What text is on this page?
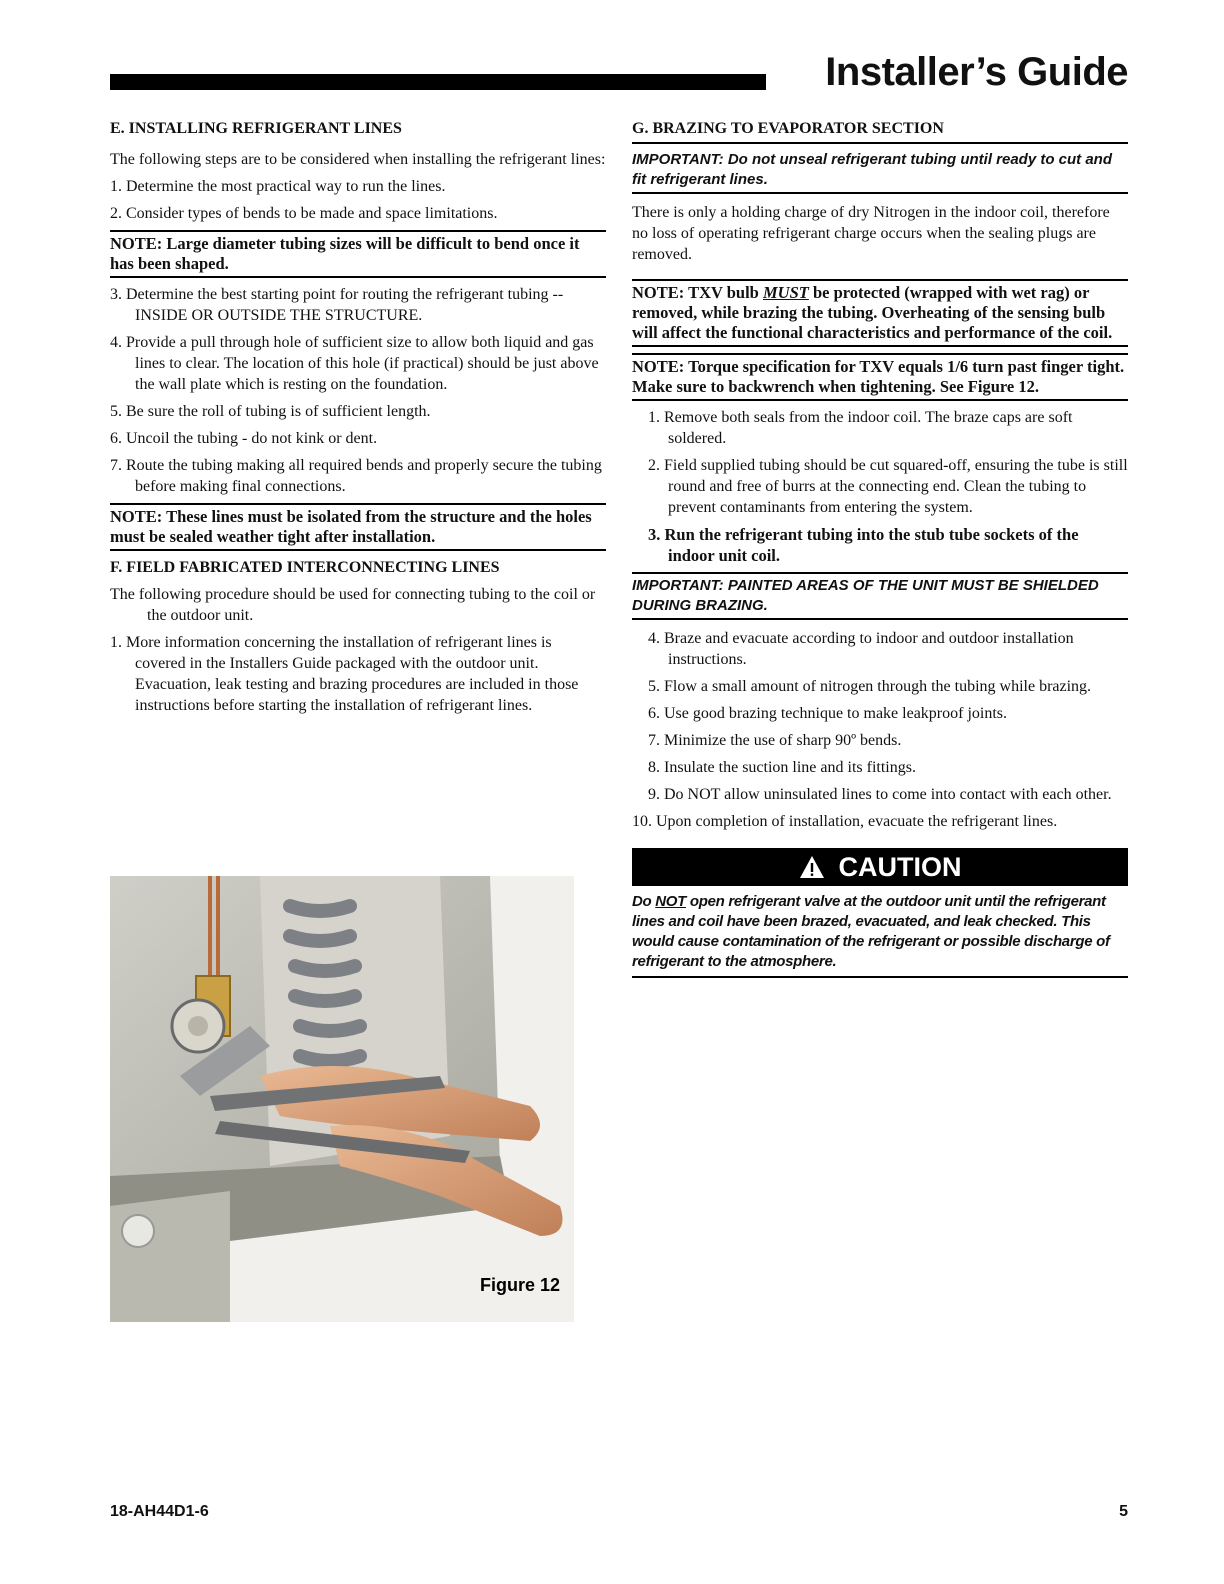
Installer’s Guide
E. INSTALLING REFRIGERANT LINES

The following steps are to be considered when installing the refrigerant lines:

1. Determine the most practical way to run the lines.
2. Consider types of bends to be made and space limitations.
NOTE: Large diameter tubing sizes will be difficult to bend once it has been shaped.
3. Determine the best starting point for routing the refrigerant tubing --INSIDE OR OUTSIDE THE STRUCTURE.
4. Provide a pull through hole of sufficient size to allow both liquid and gas lines to clear. The location of this hole (if practical) should be just above the wall plate which is resting on the foundation.
5. Be sure the roll of tubing is of sufficient length.
6. Uncoil the tubing - do not kink or dent.
7. Route the tubing making all required bends and properly secure the tubing before making final connections.
NOTE: These lines must be isolated from the structure and the holes must be sealed weather tight after installation.
F. FIELD FABRICATED INTERCONNECTING LINES

The following procedure should be used for connecting tubing to the coil or the outdoor unit.

1. More information concerning the installation of refrigerant lines is covered in the Installers Guide packaged with the outdoor unit. Evacuation, leak testing and brazing procedures are included in those instructions before starting the installation of refrigerant lines.
Figure 12
G. BRAZING TO EVAPORATOR SECTION
IMPORTANT: Do not unseal refrigerant tubing until ready to cut and fit refrigerant lines.

There is only a holding charge of dry Nitrogen in the indoor coil, therefore no loss of operating refrigerant charge occurs when the sealing plugs are removed.

NOTE: TXV bulb MUST be protected (wrapped with wet rag) or removed, while brazing the tubing. Overheating of the sensing bulb will affect the functional characteristics and performance of the coil.
NOTE: Torque specification for TXV equals 1/6 turn past finger tight. Make sure to backwrench when tightening. See Figure 12.
1. Remove both seals from the indoor coil. The braze caps are soft soldered.
2. Field supplied tubing should be cut squared-off, ensuring the tube is still round and free of burrs at the connecting end. Clean the tubing to prevent contaminants from entering the system.
3. Run the refrigerant tubing into the stub tube sockets of the indoor unit coil.
IMPORTANT: PAINTED AREAS OF THE UNIT MUST BE SHIELDED DURING BRAZING.
4. Braze and evacuate according to indoor and outdoor installation instructions.
5. Flow a small amount of nitrogen through the tubing while brazing.
6. Use good brazing technique to make leakproof joints.
7. Minimize the use of sharp 90º bends.
8. Insulate the suction line and its fittings.
9. Do NOT allow uninsulated lines to come into contact with each other.
10. Upon completion of installation, evacuate the refrigerant lines.
CAUTION
Do NOT open refrigerant valve at the outdoor unit until the refrigerant lines and coil have been brazed, evacuated, and leak checked. This would cause contamination of the refrigerant or possible discharge of refrigerant to the atmosphere.
18-AH44D1-6	5
